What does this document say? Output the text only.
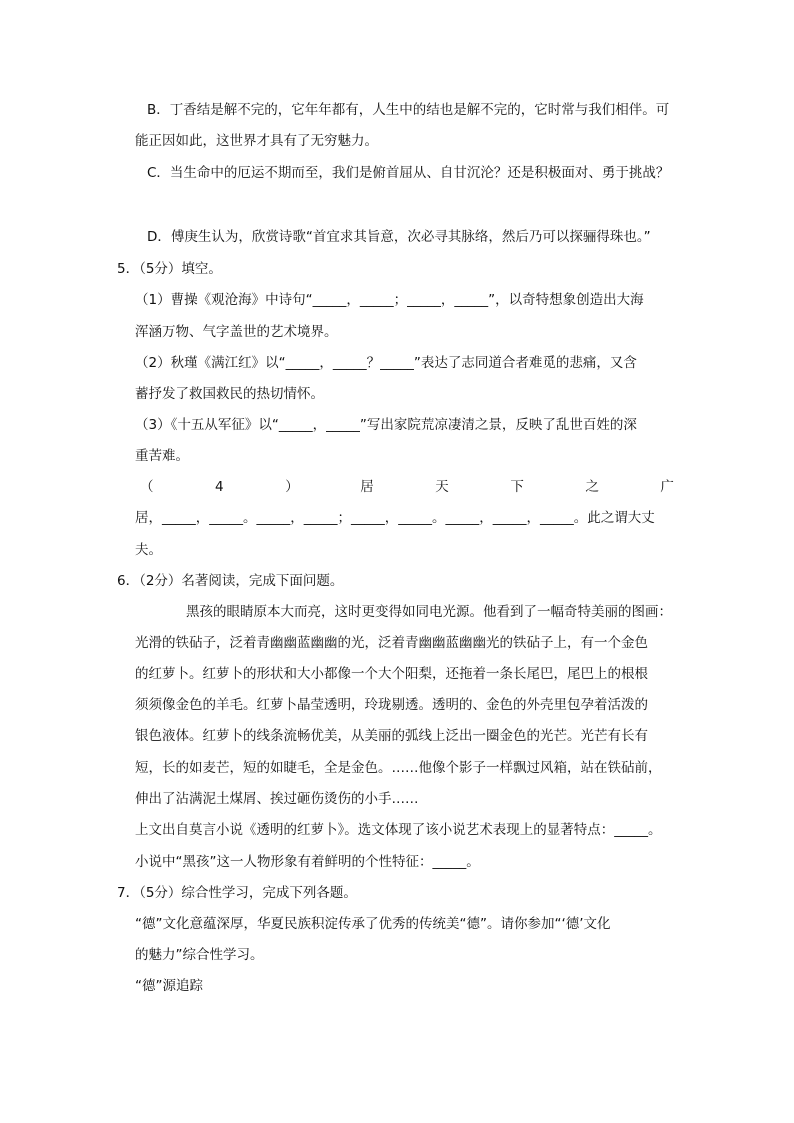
B．丁香结是解不完的，它年年都有，人生中的结也是解不完的，它时常与我们相伴。可
能正因如此，这世界才具有了无穷魅力。
C．当生命中的厄运不期而至，我们是俯首屈从、自甘沉沦？还是积极面对、勇于挑战？
D．傅庚生认为，欣赏诗歌“首宜求其旨意，次必寻其脉络，然后乃可以探骊得珠也。”
5．（5分）填空。
（1）曹操《观沧海》中诗句“_____，_____；_____，_____”，以奇特想象创造出大海
浑涵万物、气字盖世的艺术境界。
（2）秋瑾《满江红》以“_____，_____？_____”表达了志同道合者难觅的悲痛，又含
蓄抒发了救国救民的热切情怀。
（3）《十五从军征》以“_____，_____”写出家院荒凉凄清之景，反映了乱世百姓的深
重苦难。
（	4	）	居	天	下	之	广
居，_____，_____。_____，_____；_____，_____。_____，_____，_____。此之谓大丈
夫。
6．（2分）名著阅读，完成下面问题。
黑孩的眼睛原本大而亮，这时更变得如同电光源。他看到了一幅奇特美丽的图画：
光滑的铁砧子，泛着青幽幽蓝幽幽的光，泛着青幽幽蓝幽幽光的铁砧子上，有一个金色
的红萝卜。红萝卜的形状和大小都像一个大个阳梨，还拖着一条长尾巴，尾巴上的根根
须须像金色的羊毛。红萝卜晶莹透明，玲珑剔透。透明的、金色的外壳里包孕着活泼的
银色液体。红萝卜的线条流畅优美，从美丽的弧线上泛出一圈金色的光芒。光芒有长有
短，长的如麦芒，短的如睫毛，全是金色。……他像个影子一样飘过风箱，站在铁砧前，
伸出了沾满泥土煤屑、挨过砸伤烫伤的小手……
上文出自莫言小说《透明的红萝卜》。选文体现了该小说艺术表现上的显著特点：_____。
小说中“黑孩”这一人物形象有着鲜明的个性特征：_____。
7．（5分）综合性学习，完成下列各题。
“德”文化意蕴深厚，华夏民族积淀传承了优秀的传统美“德”。请你参加“‘德’文化
的魅力”综合性学习。
“德”源追踪
